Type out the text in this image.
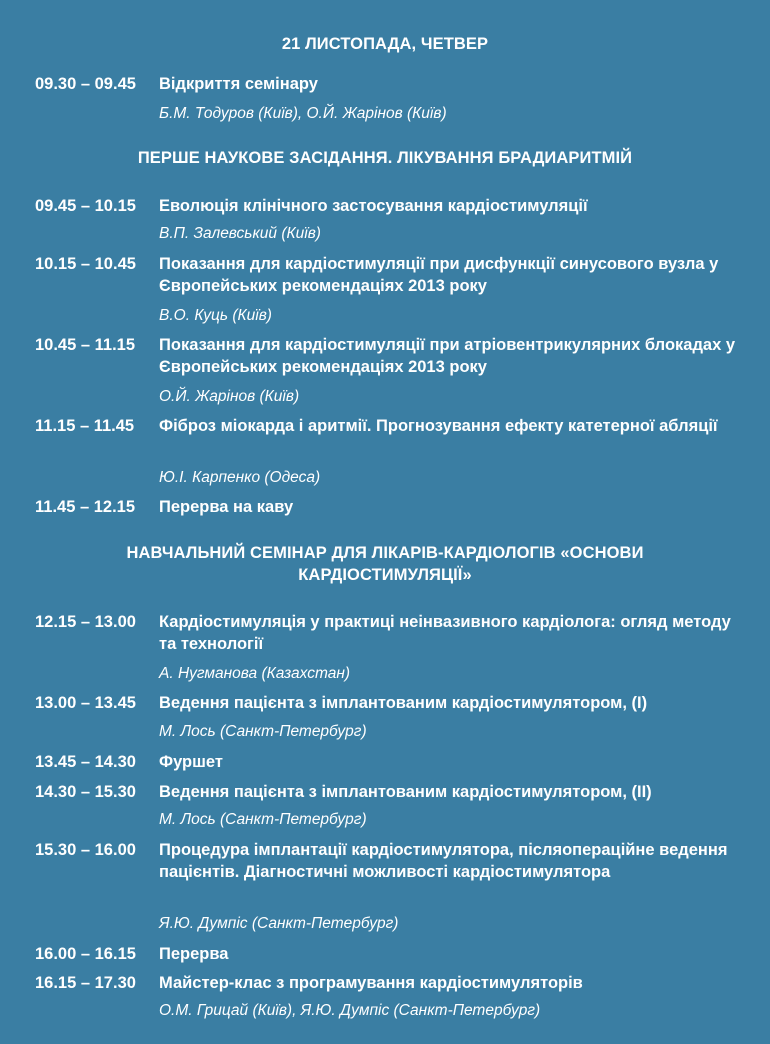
21 ЛИСТОПАДА, ЧЕТВЕР
09.30 – 09.45	Відкриття семінару
Б.М. Тодуров (Київ), О.Й. Жарінов (Київ)
ПЕРШЕ НАУКОВЕ ЗАСІДАННЯ. ЛІКУВАННЯ БРАДИАРИТМІЙ
09.45 – 10.15	Еволюція клінічного застосування кардіостимуляції
В.П. Залевський (Київ)
10.15 – 10.45	Показання для кардіостимуляції при дисфункції синусового вузла у Європейських рекомендаціях 2013 року
В.О. Куць (Київ)
10.45 – 11.15	Показання для кардіостимуляції при атріовентрикулярних блокадах у Європейських рекомендаціях 2013 року
О.Й. Жарінов (Київ)
11.15 – 11.45	Фіброз міокарда і аритмії. Прогнозування ефекту катетерної абляції
Ю.І. Карпенко (Одеса)
11.45 – 12.15	Перерва на каву
НАВЧАЛЬНИЙ СЕМІНАР ДЛЯ ЛІКАРІВ-КАРДІОЛОГІВ «ОСНОВИ КАРДІОСТИМУЛЯЦІЇ»
12.15 – 13.00	Кардіостимуляція у практиці неінвазивного кардіолога: огляд методу та технології
А. Нугманова (Казахстан)
13.00 – 13.45	Ведення пацієнта з імплантованим кардіостимулятором, (I)
М. Лось (Санкт-Петербург)
13.45 – 14.30	Фуршет
14.30 – 15.30	Ведення пацієнта з імплантованим кардіостимулятором, (II)
М. Лось (Санкт-Петербург)
15.30 – 16.00	Процедура імплантації кардіостимулятора, післяопераційне ведення пацієнтів. Діагностичні можливості кардіостимулятора
Я.Ю. Думпіс (Санкт-Петербург)
16.00 – 16.15	Перерва
16.15 – 17.30	Майстер-клас з програмування кардіостимуляторів
О.М. Грицай (Київ), Я.Ю. Думпіс (Санкт-Петербург)
